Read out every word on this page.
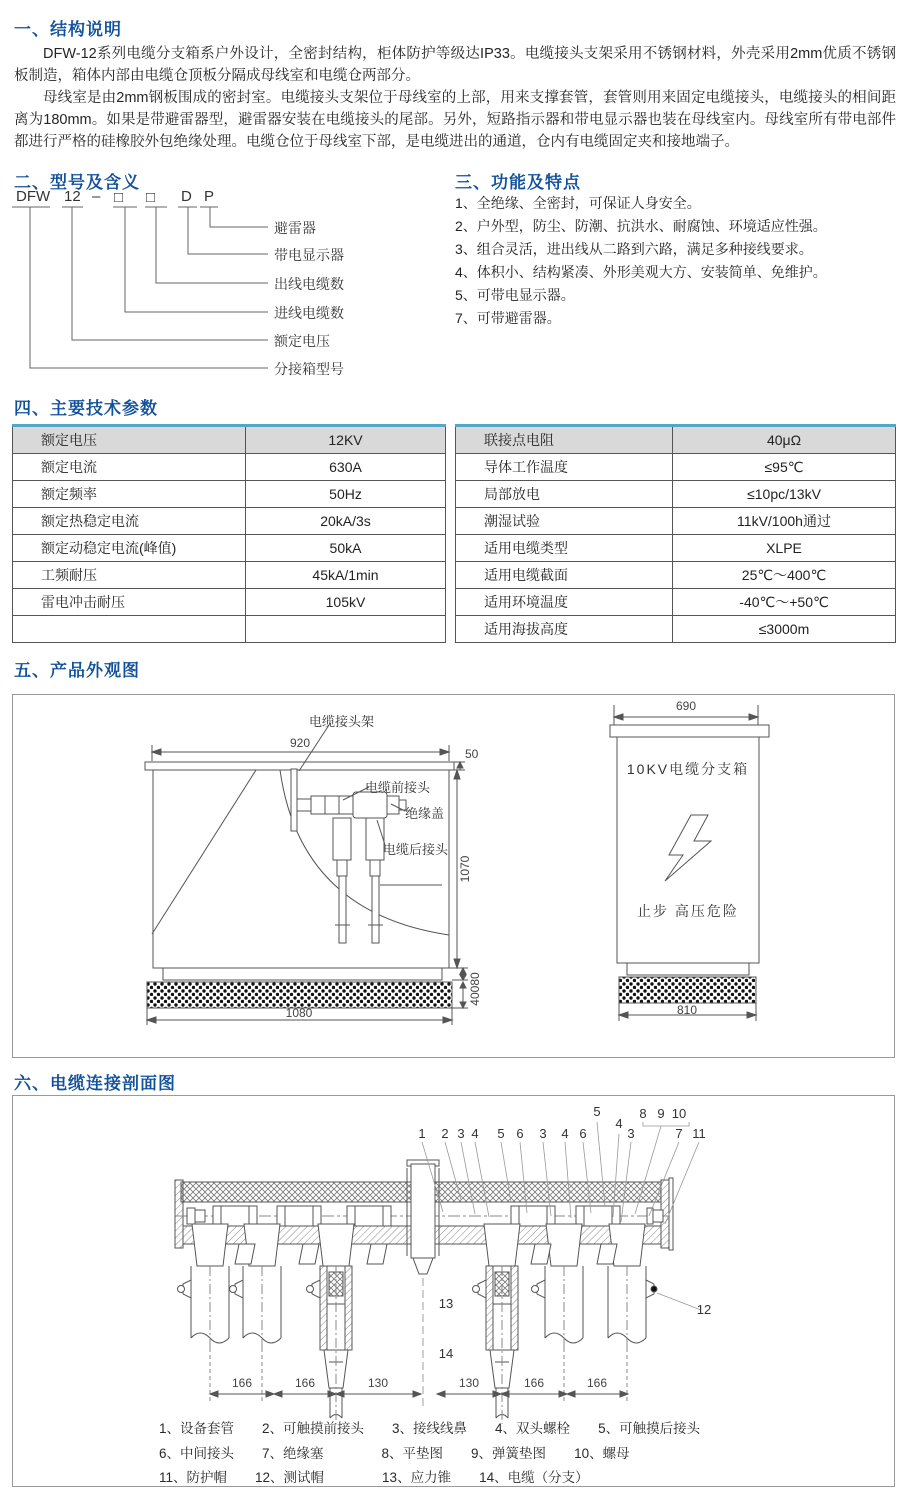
一、结构说明
DFW-12系列电缆分支箱系户外设计，全密封结构，柜体防护等级达IP33。电缆接头支架采用不锈钢材料，外壳采用2mm优质不锈钢板制造，箱体内部由电缆仓顶板分隔成母线室和电缆仓两部分。
母线室是由2mm钢板围成的密封室。电缆接头支架位于母线室的上部，用来支撑套管，套管则用来固定电缆接头，电缆接头的相间距离为180mm。如果是带避雷器型，避雷器安装在电缆接头的尾部。另外，短路指示器和带电显示器也装在母线室内。母线室所有带电部件都进行严格的硅橡胶外包绝缘处理。电缆仓位于母线室下部，是电缆进出的通道，仓内有电缆固定夹和接地端子。
二、型号及含义
DFW 12 – □ □ D P
避雷器
带电显示器
出线电缆数
进线电缆数
额定电压
分接箱型号
三、功能及特点
1、全绝缘、全密封，可保证人身安全。
2、户外型，防尘、防潮、抗洪水、耐腐蚀、环境适应性强。
3、组合灵活，进出线从二路到六路，满足多种接线要求。
4、体积小、结构紧凑、外形美观大方、安装简单、免维护。
5、可带电显示器。
7、可带避雷器。
四、主要技术参数
额定电压	12KV
额定电流	630A
额定频率	50Hz
额定热稳定电流	20kA/3s
额定动稳定电流(峰值)	50kA
工频耐压	45kA/1min
雷电冲击耐压	105kV

联接点电阻	40μΩ
导体工作温度	≤95℃
局部放电	≤10pc/13kV
潮湿试验	11kV/100h通过
适用电缆类型	XLPE
适用电缆截面	25℃～400℃
适用环境温度	-40℃～+50℃
适用海拔高度	≤3000m
五、产品外观图
电缆接头架
920
50
电缆前接头
绝缘盖
电缆后接头
1070
40080
1080
690
10KV电缆分支箱
止步 高压危险
810
六、电缆连接剖面图
1	2 3 4	5 6	3	4 6
5
4
3
8 9 10
7 11
13
14
12
166	166	130	130	166	166
1、设备套管 2、可触摸前接头 3、接线线鼻 4、双头螺栓 5、可触摸后接头
6、中间接头 7、绝缘塞	8、平垫图 9、弹簧垫图 10、螺母
11、防护帽 12、测试帽	13、应力锥 14、电缆（分支）
